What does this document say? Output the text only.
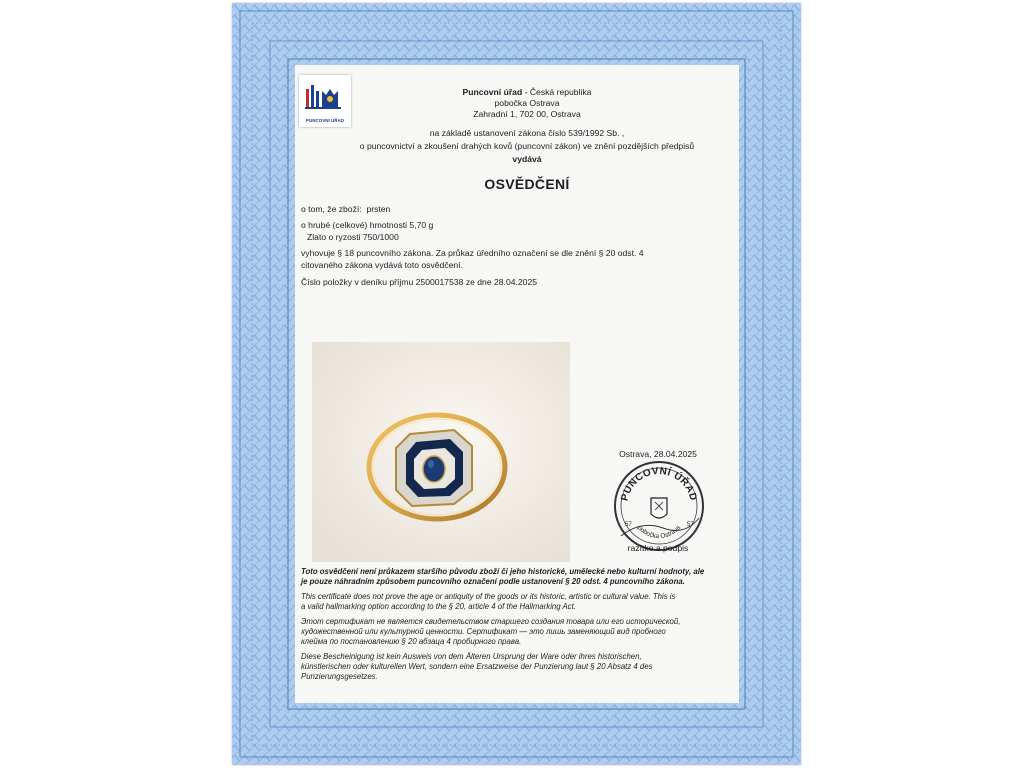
PUNCOVNÍ ÚŘAD
Puncovní úřad - Česká republika
pobočka Ostrava
Zahradní 1, 702 00, Ostrava
na základě ustanovení zákona číslo 539/1992 Sb. ,
o puncovnictví a zkoušení drahých kovů (puncovní zákon) ve znění pozdějších předpisů
vydává
OSVĚDČENÍ
o tom, že zboží: prsten
o hrubé (celkové) hmotnosti 5,70 g
Zlato o ryzosti 750/1000
vyhovuje § 18 puncovního zákona. Za průkaz úředního označení se dle znění § 20 odst. 4
citovaného zákona vydává toto osvědčení.
Číslo položky v deníku příjmu 2500017538 ze dne 28.04.2025
Ostrava, 28.04.2025
PUNCOVNÍ ÚŘAD
pobočka Ostrava
57	57
razítko a podpis
Toto osvědčení není průkazem staršího původu zboží či jeho historické, umělecké nebo kulturní hodnoty, ale
je pouze náhradním způsobem puncovního označení podle ustanovení § 20 odst. 4 puncovního zákona.
This certificate does not prove the age or antiquity of the goods or its historic, artistic or cultural value. This is
a valid hallmarking option according to the § 20, article 4 of the Hallmarking Act.
Этот сертификат не является свидетельством старшего создания товара или его исторической,
художественной или культурной ценности. Сертификат — это лишь заменяющий вид пробного
клейма по постановлению § 20 абзаца 4 пробирного права.
Diese Bescheinigung ist kein Ausweis von dem Älteren Ursprung der Ware oder ihres historischen,
künstlerischen oder kulturellen Wert, sondern eine Ersatzweise der Punzierung laut § 20 Absatz 4 des
Punzierungsgesetzes.
